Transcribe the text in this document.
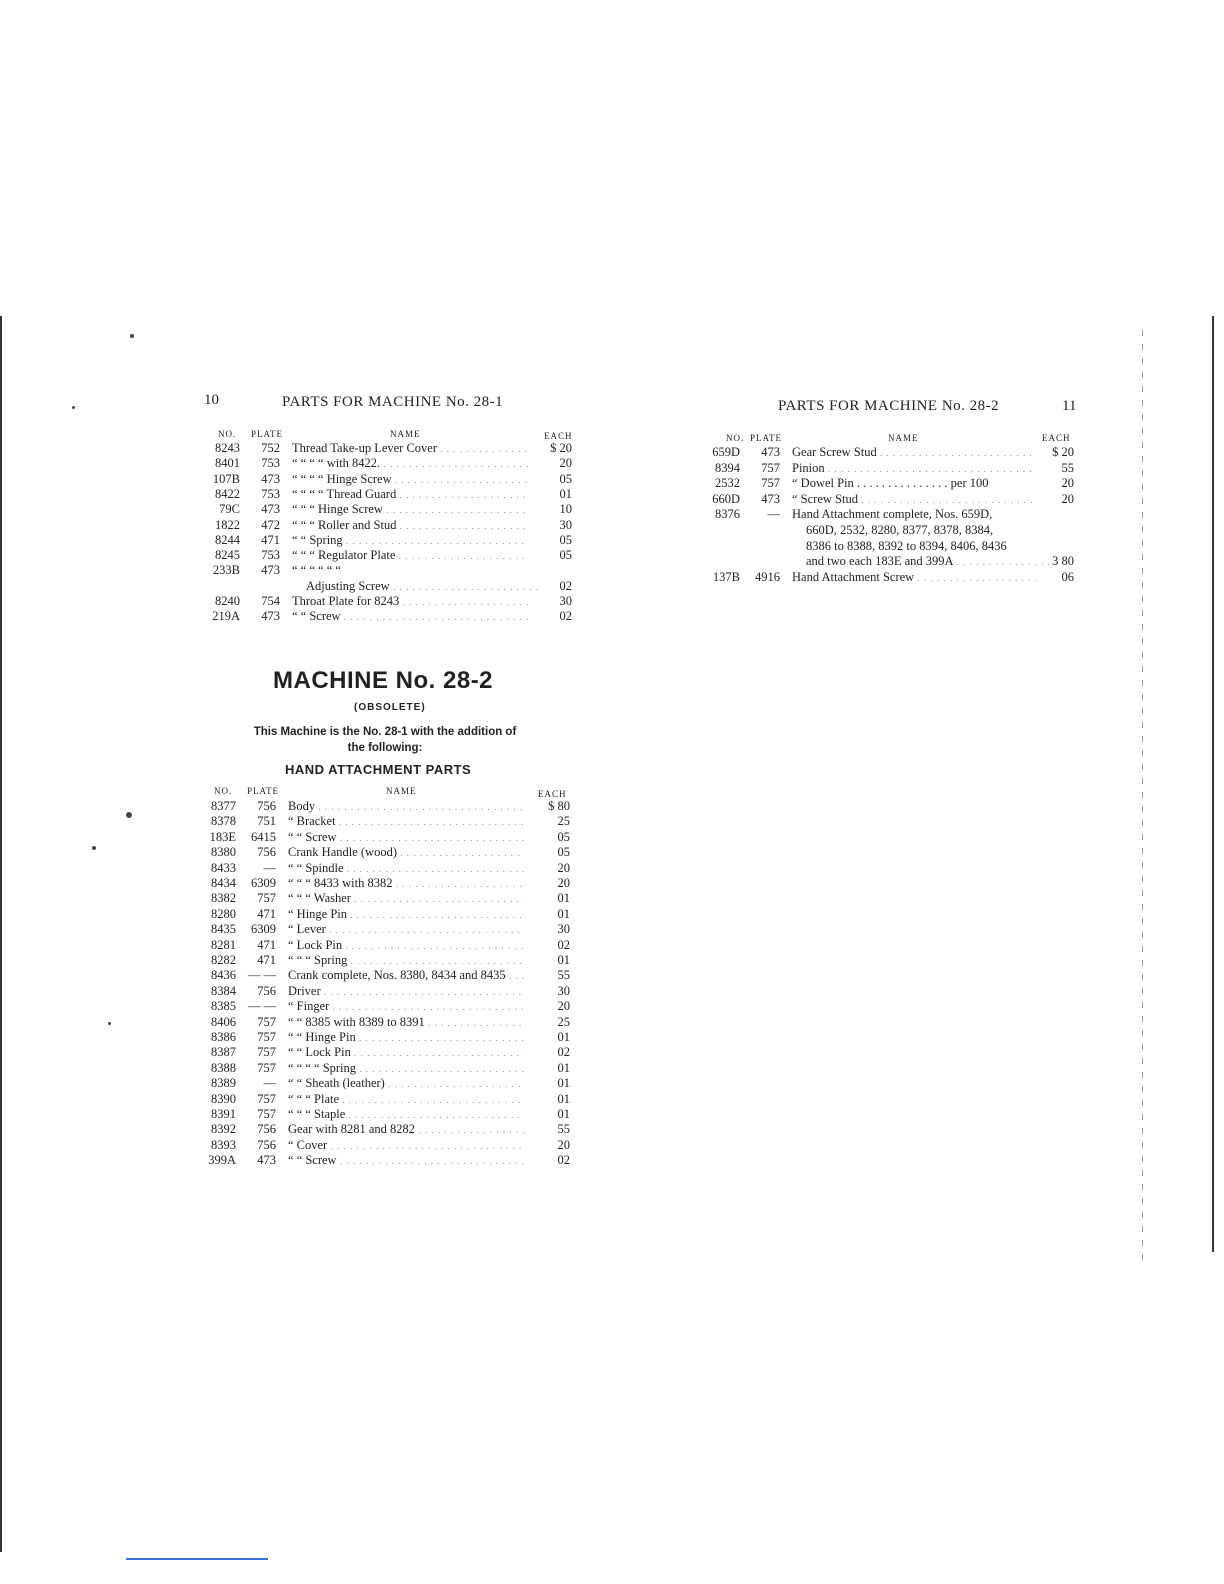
10	PARTS FOR MACHINE No. 28-1
NO. PLATE	NAME	EACH
8243	752 Thread Take-up Lever Cover . . .	$ 20
8401	753 “ “ “ “ with 8422. . . .	20
107B	473 “ “ “ “ Hinge Screw . . .	05
8422	753 “ “ “ “ Thread Guard . . .	01
79C	473 “ “ “ Hinge Screw . . .	10
1822	472 “ “ “ Roller and Stud . . .	30
8244	471 “ “ Spring . . .	05
8245	753 “ “ “ Regulator Plate . . .	05
233B	473 “ “ “ “ “ “
Adjusting Screw . . .	02
8240	754 Throat Plate for 8243 . . .	30
219A	473 “ “ Screw . . .	02
MACHINE No. 28-2
(OBSOLETE)
This Machine is the No. 28-1 with the addition of
the following:
HAND ATTACHMENT PARTS
NO. PLATE	NAME	EACH
8377	756 Body . . .	$ 80
8378	751 “ Bracket . . .	25
183E	6415 “ “ Screw . . .	05
8380	756 Crank Handle (wood) . . .	05
8433	— “ “ Spindle . . .	20
8434	6309 “ “ “ 8433 with 8382 . . .	20
8382	757 “ “ “ Washer . . .	01
8280	471 “ Hinge Pin . . .	01
8435	6309 “ Lever . . .	30
8281	471 “ Lock Pin . . .	02
8282	471 “ “ “ Spring . . .	01
8436 — — Crank complete, Nos. 8380, 8434 and 8435 . . .	55
8384	756 Driver . . .	30
8385 — — “ Finger . . .	20
8406	757 “ “ 8385 with 8389 to 8391 . . .	25
8386	757 “ “ Hinge Pin . . .	01
8387	757 “ “ Lock Pin . . .	02
8388	757 “ “ “ “ Spring . . .	01
8389	— “ “ Sheath (leather) . . .	01
8390	757 “ “ “ Plate . . .	01
8391	757 “ “ “ Staple . . .	01
8392	756 Gear with 8281 and 8282 . . .	55
8393	756 “ Cover . . .	20
399A	473 “ “ Screw . . .	02
PARTS FOR MACHINE No. 28-2	11
NO. PLATE	NAME	EACH
659D	473 Gear Screw Stud . . .	$ 20
8394	757 Pinion . . .	55
2532	757 “ Dowel Pin . . . . . . . . . . . . . . . per 100	20
660D	473 “ Screw Stud . . .	20
8376	— Hand Attachment complete, Nos. 659D,
660D, 2532, 8280, 8377, 8378, 8384,
8386 to 8388, 8392 to 8394, 8406, 8436
and two each 183E and 399A . . .	3 80
137B	4916 Hand Attachment Screw . . .	06
